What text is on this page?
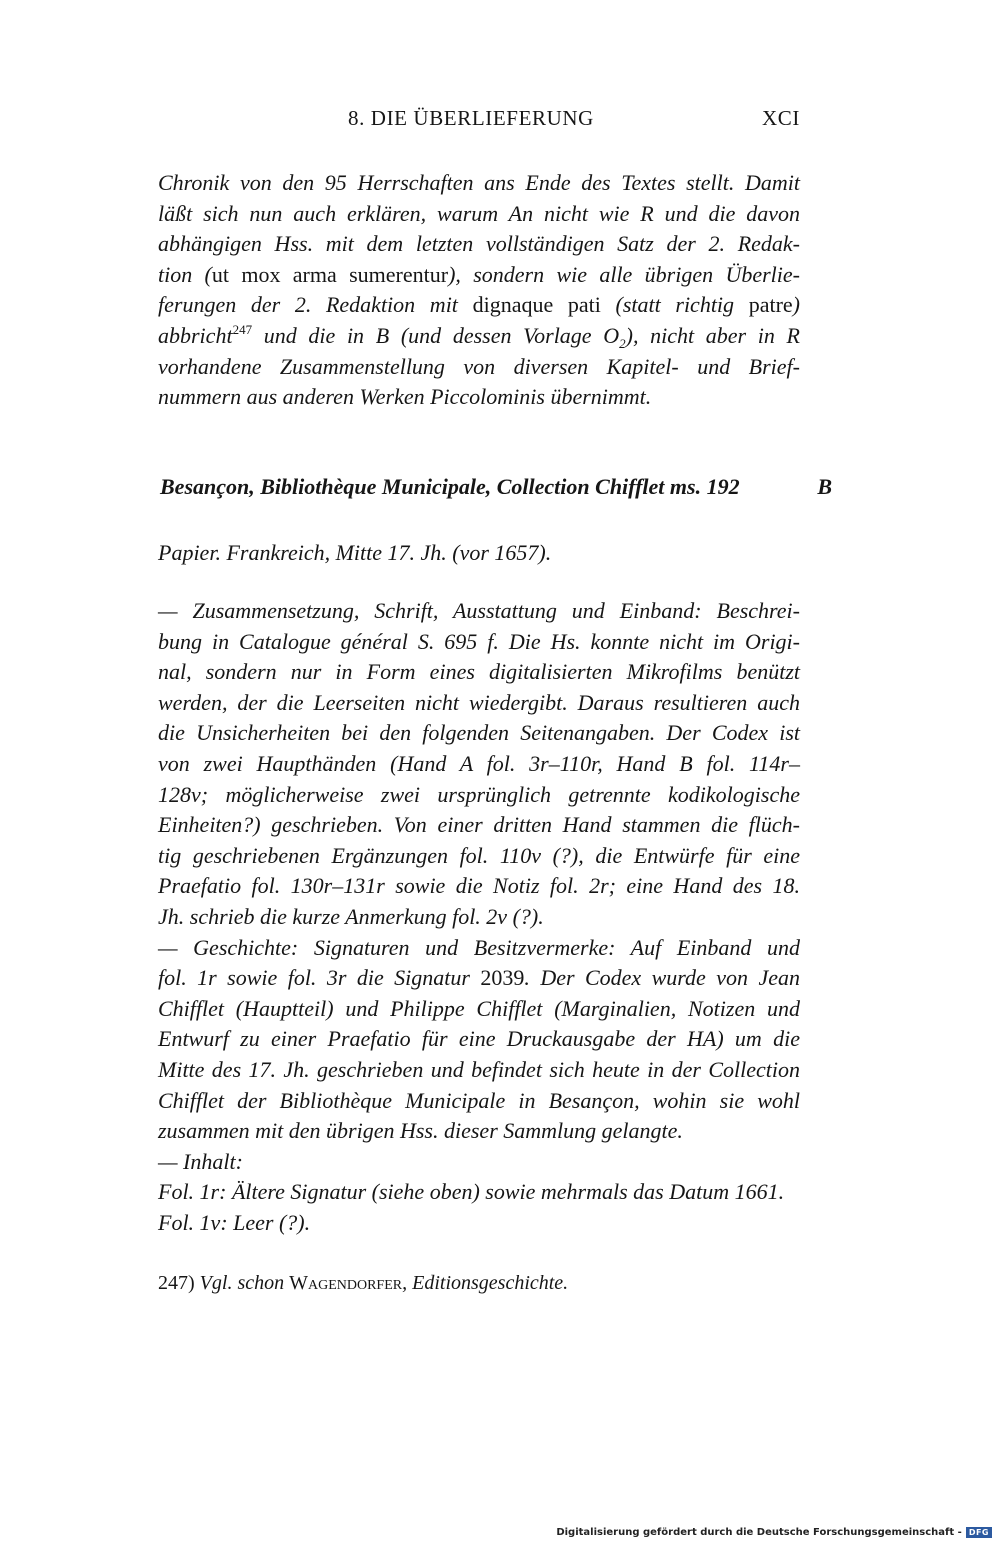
8. DIE ÜBERLIEFERUNG	XCI
Chronik von den 95 Herrschaften ans Ende des Textes stellt. Damit
läßt sich nun auch erklären, warum An nicht wie R und die davon
abhängigen Hss. mit dem letzten vollständigen Satz der 2. Redak-
tion (ut mox arma sumerentur), sondern wie alle übrigen Überlie-
ferungen der 2. Redaktion mit dignaque pati (statt richtig patre)
abbricht$^{247}$ und die in B (und dessen Vorlage $O_2$), nicht aber in R
vorhandene Zusammenstellung von diversen Kapitel- und Brief-
nummern aus anderen Werken Piccolominis übernimmt.
Besançon, Bibliothèque Municipale, Collection Chifflet ms. 192	B
Papier. Frankreich, Mitte 17. Jh. (vor 1657).
— Zusammensetzung, Schrift, Ausstattung und Einband: Beschrei-
bung in Catalogue général S. 695 f. Die Hs. konnte nicht im Origi-
nal, sondern nur in Form eines digitalisierten Mikrofilms benützt
werden, der die Leerseiten nicht wiedergibt. Daraus resultieren auch
die Unsicherheiten bei den folgenden Seitenangaben. Der Codex ist
von zwei Haupthänden (Hand A fol. 3r–110r, Hand B fol. 114r–
128v; möglicherweise zwei ursprünglich getrennte kodikologische
Einheiten?) geschrieben. Von einer dritten Hand stammen die flüch-
tig geschriebenen Ergänzungen fol. 110v (?), die Entwürfe für eine
Praefatio fol. 130r–131r sowie die Notiz fol. 2r; eine Hand des 18.
Jh. schrieb die kurze Anmerkung fol. 2v (?).
— Geschichte: Signaturen und Besitzvermerke: Auf Einband und
fol. 1r sowie fol. 3r die Signatur 2039. Der Codex wurde von Jean
Chifflet (Hauptteil) und Philippe Chifflet (Marginalien, Notizen und
Entwurf zu einer Praefatio für eine Druckausgabe der HA) um die
Mitte des 17. Jh. geschrieben und befindet sich heute in der Collection
Chifflet der Bibliothèque Municipale in Besançon, wohin sie wohl
zusammen mit den übrigen Hss. dieser Sammlung gelangte.
— Inhalt:
Fol. 1r: Ältere Signatur (siehe oben) sowie mehrmals das Datum 1661.
Fol. 1v: Leer (?).
247) Vgl. schon Wagendorfer, Editionsgeschichte.
Digitalisierung gefördert durch die Deutsche Forschungsgemeinschaft - DFG
